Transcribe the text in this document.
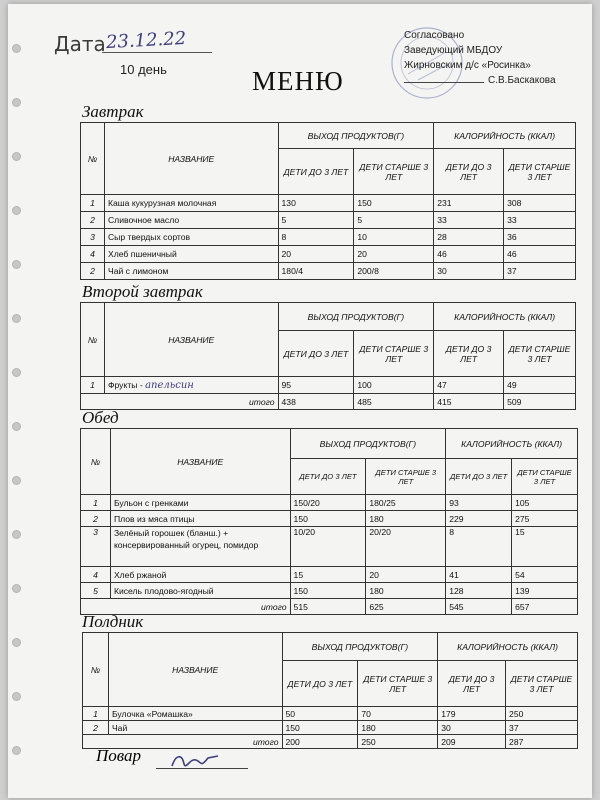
Дата 23.12.22
10 день
Согласовано
Заведующий МБДОУ
Жирновским д/с «Росинка»
С.В.Баскакова
МЕНЮ
Завтрак
№	НАЗВАНИЕ	ВЫХОД ПРОДУКТОВ(Г)		КАЛОРИЙНОСТЬ (ККАЛ)	
		ДЕТИ ДО 3 ЛЕТ	ДЕТИ СТАРШЕ 3 ЛЕТ	ДЕТИ ДО 3 ЛЕТ	ДЕТИ СТАРШЕ 3 ЛЕТ
1	Каша кукурузная молочная	130	150	231	308
2	Сливочное масло	5	5	33	33
3	Сыр твердых сортов	8	10	28	36
4	Хлеб пшеничный	20	20	46	46
2	Чай с лимоном	180/4	200/8	30	37
Второй завтрак
№	НАЗВАНИЕ	ВЫХОД ПРОДУКТОВ(Г)		КАЛОРИЙНОСТЬ (ККАЛ)	
		ДЕТИ ДО 3 ЛЕТ	ДЕТИ СТАРШЕ 3 ЛЕТ	ДЕТИ ДО 3 ЛЕТ	ДЕТИ СТАРШЕ 3 ЛЕТ
1	Фрукты - апельсин	95	100	47	49
итого		438	485	415	509
Обед
№	НАЗВАНИЕ	ВЫХОД ПРОДУКТОВ(Г)		КАЛОРИЙНОСТЬ (ККАЛ)	
		ДЕТИ ДО 3 ЛЕТ	ДЕТИ СТАРШЕ 3 ЛЕТ	ДЕТИ ДО 3 ЛЕТ	ДЕТИ СТАРШЕ 3 ЛЕТ
1	Бульон с гренками	150/20	180/25	93	105
2	Плов из мяса птицы	150	180	229	275
3	Зелёный горошек (бланш.) + консервированный огурец, помидор	10/20	20/20	8	15
4	Хлеб ржаной	15	20	41	54
5	Кисель плодово-ягодный	150	180	128	139
итого		515	625	545	657
Полдник
№	НАЗВАНИЕ	ВЫХОД ПРОДУКТОВ(Г)		КАЛОРИЙНОСТЬ (ККАЛ)	
		ДЕТИ ДО 3 ЛЕТ	ДЕТИ СТАРШЕ 3 ЛЕТ	ДЕТИ ДО 3 ЛЕТ	ДЕТИ СТАРШЕ 3 ЛЕТ
1	Булочка «Ромашка»	50	70	179	250
2	Чай	150	180	30	37
итого		200	250	209	287
Повар
